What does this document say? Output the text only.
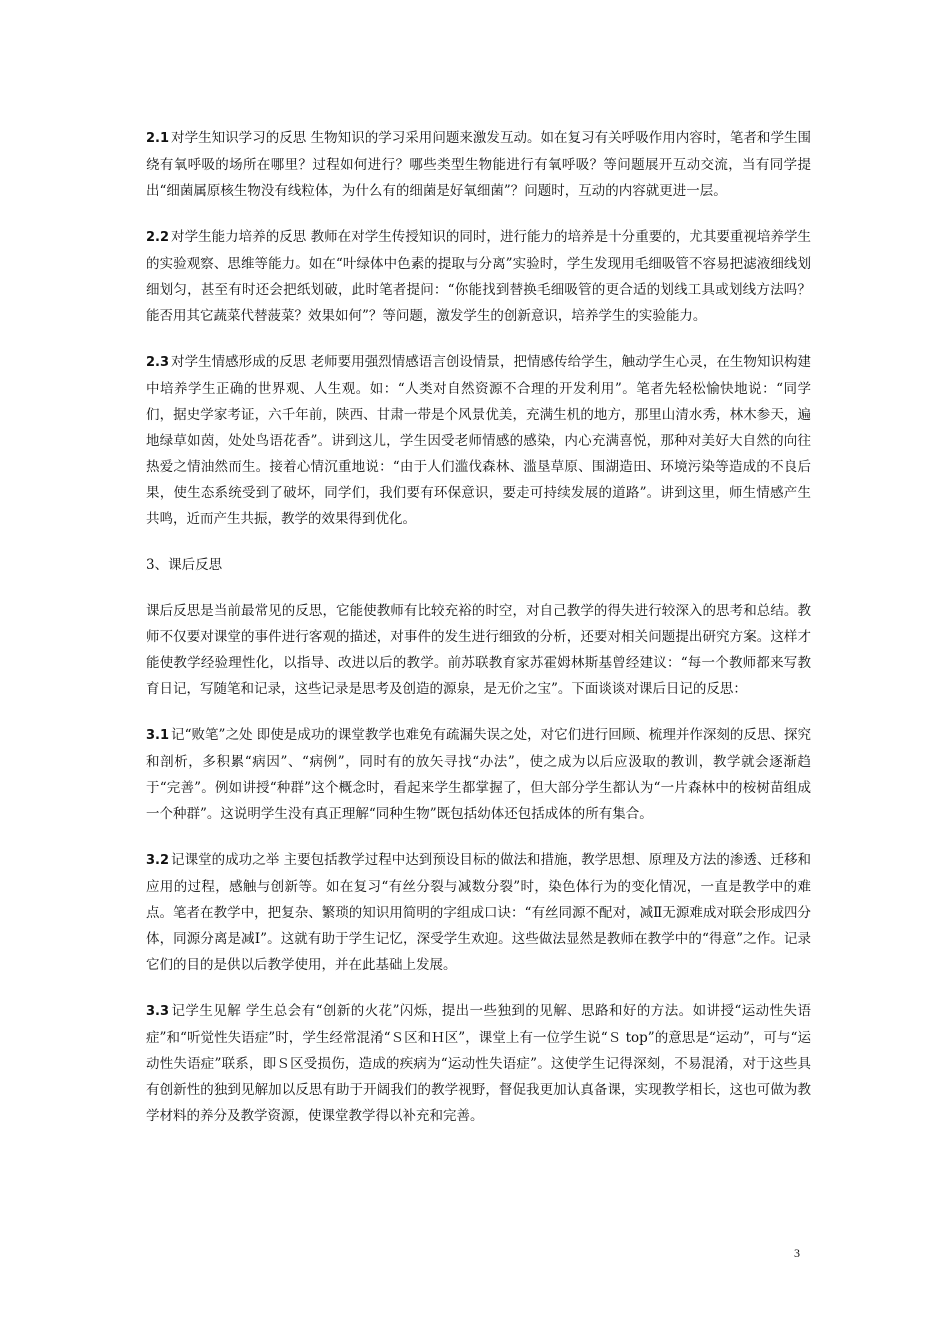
2.1 对学生知识学习的反思 生物知识的学习采用问题来激发互动。如在复习有关呼吸作用内容时，笔者和学生围绕有氧呼吸的场所在哪里？过程如何进行？哪些类型生物能进行有氧呼吸？等问题展开互动交流，当有同学提出“细菌属原核生物没有线粒体，为什么有的细菌是好氧细菌”？问题时，互动的内容就更进一层。

2.2 对学生能力培养的反思 教师在对学生传授知识的同时，进行能力的培养是十分重要的，尤其要重视培养学生的实验观察、思维等能力。如在“叶绿体中色素的提取与分离”实验时，学生发现用毛细吸管不容易把滤液细线划细划匀，甚至有时还会把纸划破，此时笔者提问：“你能找到替换毛细吸管的更合适的划线工具或划线方法吗？能否用其它蔬菜代替菠菜？效果如何”？等问题，激发学生的创新意识，培养学生的实验能力。

2.3 对学生情感形成的反思 老师要用强烈情感语言创设情景，把情感传给学生，触动学生心灵，在生物知识构建中培养学生正确的世界观、人生观。如：“人类对自然资源不合理的开发利用”。笔者先轻松愉快地说：“同学们，据史学家考证，六千年前，陕西、甘肃一带是个风景优美，充满生机的地方，那里山清水秀，林木参天，遍地绿草如茵，处处鸟语花香”。讲到这儿，学生因受老师情感的感染，内心充满喜悦，那种对美好大自然的向往热爱之情油然而生。接着心情沉重地说：“由于人们滥伐森林、滥垦草原、围湖造田、环境污染等造成的不良后果，使生态系统受到了破坏，同学们，我们要有环保意识，要走可持续发展的道路”。讲到这里，师生情感产生共鸣，近而产生共振，教学的效果得到优化。

3、课后反思

课后反思是当前最常见的反思，它能使教师有比较充裕的时空，对自己教学的得失进行较深入的思考和总结。教师不仅要对课堂的事件进行客观的描述，对事件的发生进行细致的分析，还要对相关问题提出研究方案。这样才能使教学经验理性化，以指导、改进以后的教学。前苏联教育家苏霍姆林斯基曾经建议：“每一个教师都来写教育日记，写随笔和记录，这些记录是思考及创造的源泉，是无价之宝”。下面谈谈对课后日记的反思：

3.1 记“败笔”之处 即使是成功的课堂教学也难免有疏漏失误之处，对它们进行回顾、梳理并作深刻的反思、探究和剖析，多积累“病因”、“病例”，同时有的放矢寻找“办法”，使之成为以后应汲取的教训，教学就会逐渐趋于“完善”。例如讲授“种群”这个概念时，看起来学生都掌握了，但大部分学生都认为“一片森林中的桉树苗组成一个种群”。这说明学生没有真正理解“同种生物”既包括幼体还包括成体的所有集合。

3.2 记课堂的成功之举 主要包括教学过程中达到预设目标的做法和措施，教学思想、原理及方法的渗透、迁移和应用的过程，感触与创新等。如在复习“有丝分裂与减数分裂”时，染色体行为的变化情况，一直是教学中的难点。笔者在教学中，把复杂、繁琐的知识用简明的字组成口诀：“有丝同源不配对，减Ⅱ无源难成对联会形成四分体，同源分离是减Ⅰ”。这就有助于学生记忆，深受学生欢迎。这些做法显然是教师在教学中的“得意”之作。记录它们的目的是供以后教学使用，并在此基础上发展。

3.3 记学生见解 学生总会有“创新的火花”闪烁，提出一些独到的见解、思路和好的方法。如讲授“运动性失语症”和“听觉性失语症”时，学生经常混淆“Ｓ区和Ｈ区”，课堂上有一位学生说“Ｓ top”的意思是“运动”，可与“运动性失语症”联系，即Ｓ区受损伤，造成的疾病为“运动性失语症”。这使学生记得深刻，不易混淆，对于这些具有创新性的独到见解加以反思有助于开阔我们的教学视野，督促我更加认真备课，实现教学相长，这也可做为教学材料的养分及教学资源，使课堂教学得以补充和完善。

3
